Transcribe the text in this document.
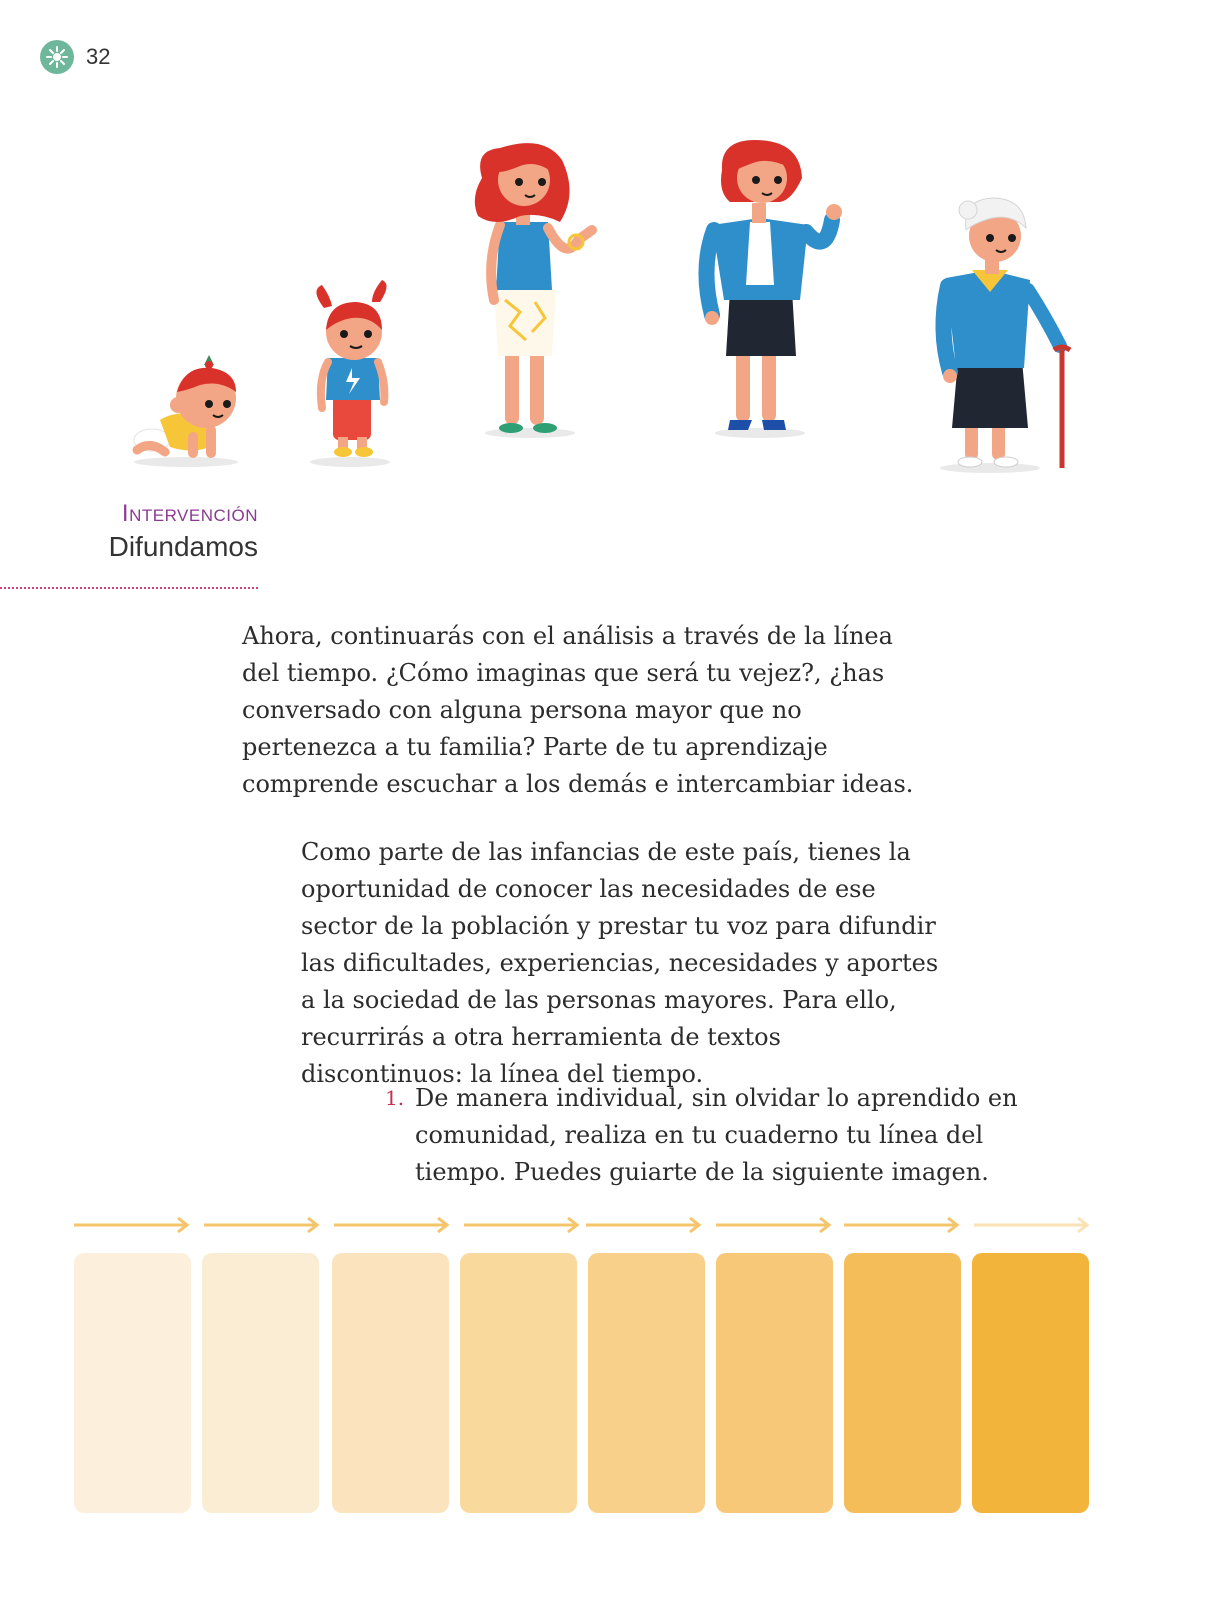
32
Intervención
Difundamos

Ahora, continuarás con el análisis a través de la línea del tiempo. ¿Cómo imaginas que será tu vejez?, ¿has conversado con alguna persona mayor que no pertenezca a tu familia? Parte de tu aprendizaje comprende escuchar a los demás e intercambiar ideas.

Como parte de las infancias de este país, tienes la oportunidad de conocer las necesidades de ese sector de la población y prestar tu voz para difundir las dificultades, experiencias, necesidades y aportes a la sociedad de las personas mayores. Para ello, recurrirás a otra herramienta de textos discontinuos: la línea del tiempo.

1. De manera individual, sin olvidar lo aprendido en comunidad, realiza en tu cuaderno tu línea del tiempo. Puedes guiarte de la siguiente imagen.
